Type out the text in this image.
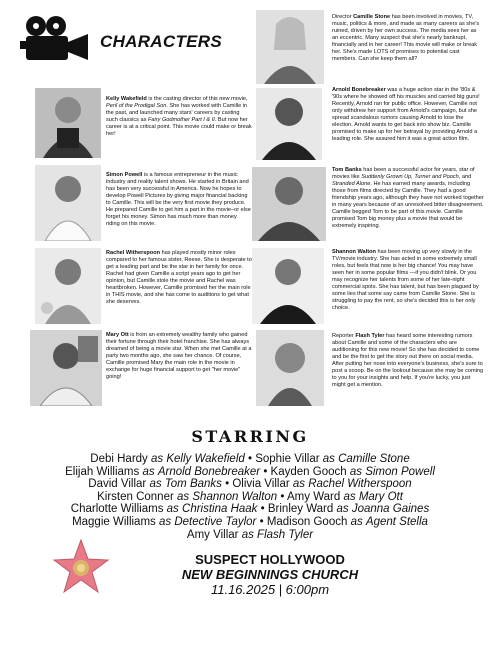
CHARACTERS
Kelly Wakefield is the casting director of this new movie, Peril of the Prodigal Son. She has worked with Camille in the past, and launched many stars' careers by casting such classics as Fairy Godmother Part I & II. But now her career is at a critical point. This movie could make or break her!
Simon Powell is a famous entrepreneur in the music industry and reality talent shows. He started in Britain and has been very successful in America. Now he hopes to develop Powell Pictures by giving major financial backing to Camille. This will be the very first movie they produce. He prepared Camille to get him a part in the movie–or else forget his money. Simon has much more than money riding on this movie.
Rachel Witherspoon has played mostly minor roles compared to her famous sister, Reese. She is desperate to get a leading part and be the star in her family for once. Rachel had given Camille a script years ago to get her opinion, but Camille stole the movie and Rachel was heartbroken. However, Camille promised her the main role in THIS movie, and she has come to auditions to get what she deserves.
Mary Ott is from an extremely wealthy family who gained their fortune through their hotel franchise. She has always dreamed of being a movie star. When she met Camille at a party two months ago, she saw her chance. Of course, Camille promised Mary the main role in the movie in exchange for huge financial support to get "her movie" going!
Director Camille Stone has been involved in movies, TV, music, politics & more, and made as many careers as she's ruined, driven by her own success. The media sees her as an eccentric. Many suspect that she's nearly bankrupt, financially and in her career! This movie will make or break her. She's made LOTS of promises to potential cast members. Can she keep them all?
Arnold Bonebreaker was a huge action star in the '80s & '90s where he showed off his muscles and carried big guns! Recently, Arnold ran for public office. However, Camille not only withdrew her support from Arnold's campaign, but she spread scandalous rumors causing Arnold to lose the election. Arnold wants to get back into show biz. Camille promised to make up for her betrayal by providing Arnold a leading role. She assured him it was a great action film.
Tom Banks has been a successful actor for years, star of movies like Suddenly Grown Up, Turner and Pooch, and Stranded Alone. He has earned many awards, including those from films directed by Camille. They had a good friendship years ago, although they have not worked together in many years because of an unresolved bitter disagreement. Camille begged Tom to be part of this movie. Camille promised Tom big money plus a movie that would be extremely inspiring.
Shannon Walton has been moving up very slowly in the TV/movie industry. She has acted in some extremely small roles, but feels that now is her big chance! You may have seen her in some popular films —if you didn't blink. Or you may recognize her talents from some of her late-night commercial spots. She has talent, but has been plagued by some lies that some say came from Camille Stone. She is struggling to pay the rent, so she's decided this is her only choice.
Reporter Flash Tyler has heard some interesting rumors about Camille and some of the characters who are auditioning for this new movie! So she has decided to come and be the first to get the story out there on social media. After putting her nose into everyone's business, she's sure to post a scoop. Be on the lookout because she may be coming to you for your insights and help. If you're lucky, you just might get a mention.
STARRING
Debi Hardy as Kelly Wakefield • Sophie Villar as Camille Stone
Elijah Williams as Arnold Bonebreaker • Kayden Gooch as Simon Powell
David Villar as Tom Banks • Olivia Villar as Rachel Witherspoon
Kirsten Conner as Shannon Walton • Amy Ward as Mary Ott
Charlotte Williams as Christina Haak • Brinley Ward as Joanna Gaines
Maggie Williams as Detective Taylor • Madison Gooch as Agent Stella
Amy Villar as Flash Tyler
SUSPECT HOLLYWOOD
NEW BEGINNINGS CHURCH
11.16.2025 | 6:00pm
